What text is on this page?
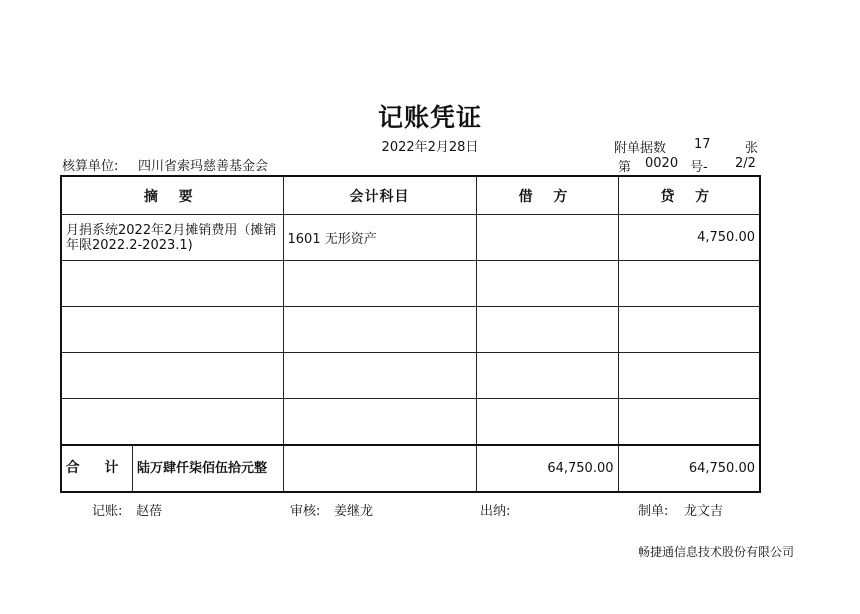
记账凭证
2022年2月28日	附单据数 17	张
核算单位: 四川省索玛慈善基金会	第 0020 号- 2/2
摘 要	会计科目	借 方	贷 方
月捐系统2022年2月摊销费用（摊销年限2022.2-2023.1)	1601 无形资产		4,750.00

合 计 陆万肆仟柒佰伍拾元整		64,750.00	64,750.00
记账: 赵蓓	审核: 姜继龙	出纳:	制单: 龙文吉
畅捷通信息技术股份有限公司
